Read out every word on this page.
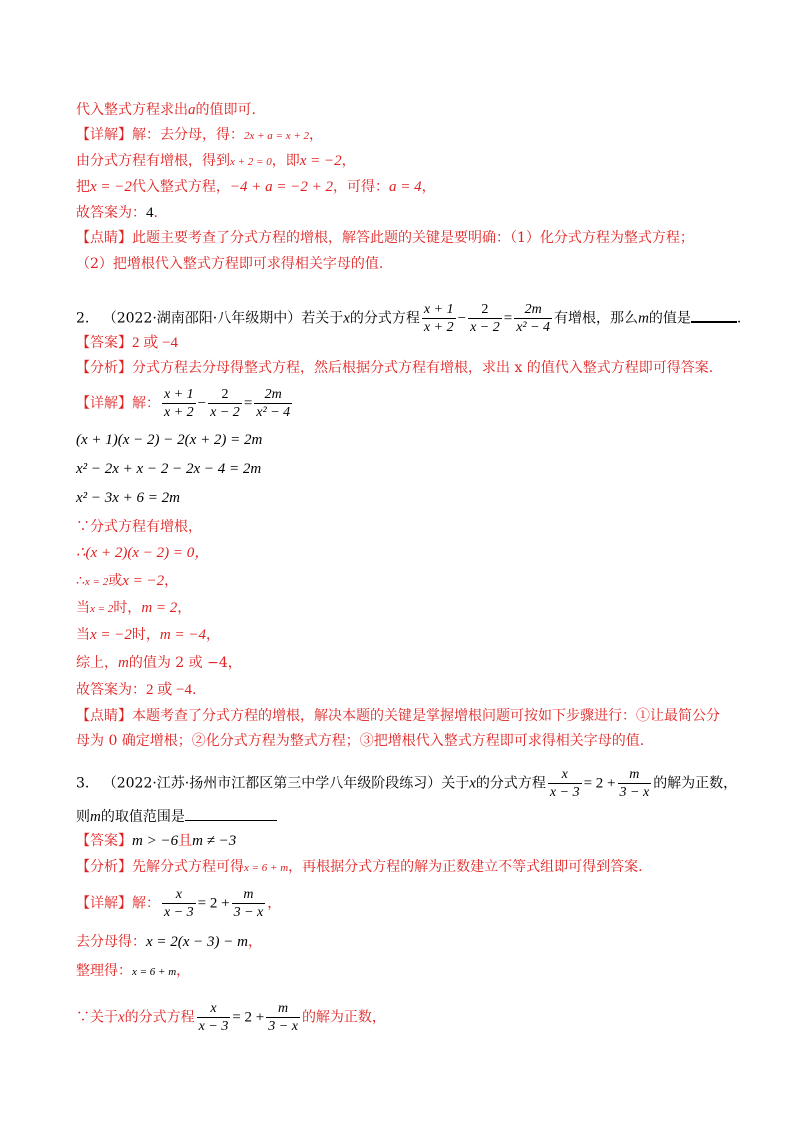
代入整式方程求出a的值即可.
【详解】解：去分母，得：2x + a = x + 2，
由分式方程有增根，得到x + 2 = 0，即x = −2，
把x = −2代入整式方程，−4 + a = −2 + 2，可得：a = 4，
故答案为：4.
【点睛】此题主要考查了分式方程的增根，解答此题的关键是要明确：（1）化分式方程为整式方程；
（2）把增根代入整式方程即可求得相关字母的值.
2. （2022·湖南邵阳·八年级期中）若关于x的分式方程 $\frac{x + 1}{x + 2} - \frac{2}{x - 2} = \frac{2m}{\text{x² − 4}}$ 有增根，那么m的值是	.
【答案】2 或 −4
【分析】分式方程去分母得整式方程，然后根据分式方程有增根，求出 x 的值代入整式方程即可得答案.
【详解】解： $\frac{x + 1}{x + 2} - \frac{2}{x - 2} = \frac{2m}{\text{x² − 4}}$
(x + 1)(x − 2) − 2(x + 2) = 2m
x² − 2x + x − 2 − 2x − 4 = 2m
x² − 3x + 6 = 2m
∵分式方程有增根，
∴(x + 2)(x − 2) = 0，
∴x = 2或x = −2，
当x = 2时，m = 2，
当x = −2时，m = −4，
综上，m的值为 2 或 −4，
故答案为：2 或 −4.
【点睛】本题考查了分式方程的增根，解决本题的关键是掌握增根问题可按如下步骤进行：①让最简公分
母为 0 确定增根；②化分式方程为整式方程；③把增根代入整式方程即可求得相关字母的值.
3. （2022·江苏·扬州市江都区第三中学八年级阶段练习）关于x的分式方程 $\frac{x}{x - 3} = 2 + \frac{m}{3 - x}$ 的解为正数，
则m的取值范围是
【答案】m > −6且m ≠ −3
【分析】先解分式方程可得x = 6 + m，再根据分式方程的解为正数建立不等式组即可得到答案.
【详解】解： $\frac{x}{x - 3} = 2 + \frac{m}{3 - x}$ ，
去分母得：x = 2(x − 3) − m，
整理得：x = 6 + m，
∵关于x的分式方程 $\frac{x}{x - 3} = 2 + \frac{m}{3 - x}$ 的解为正数，
